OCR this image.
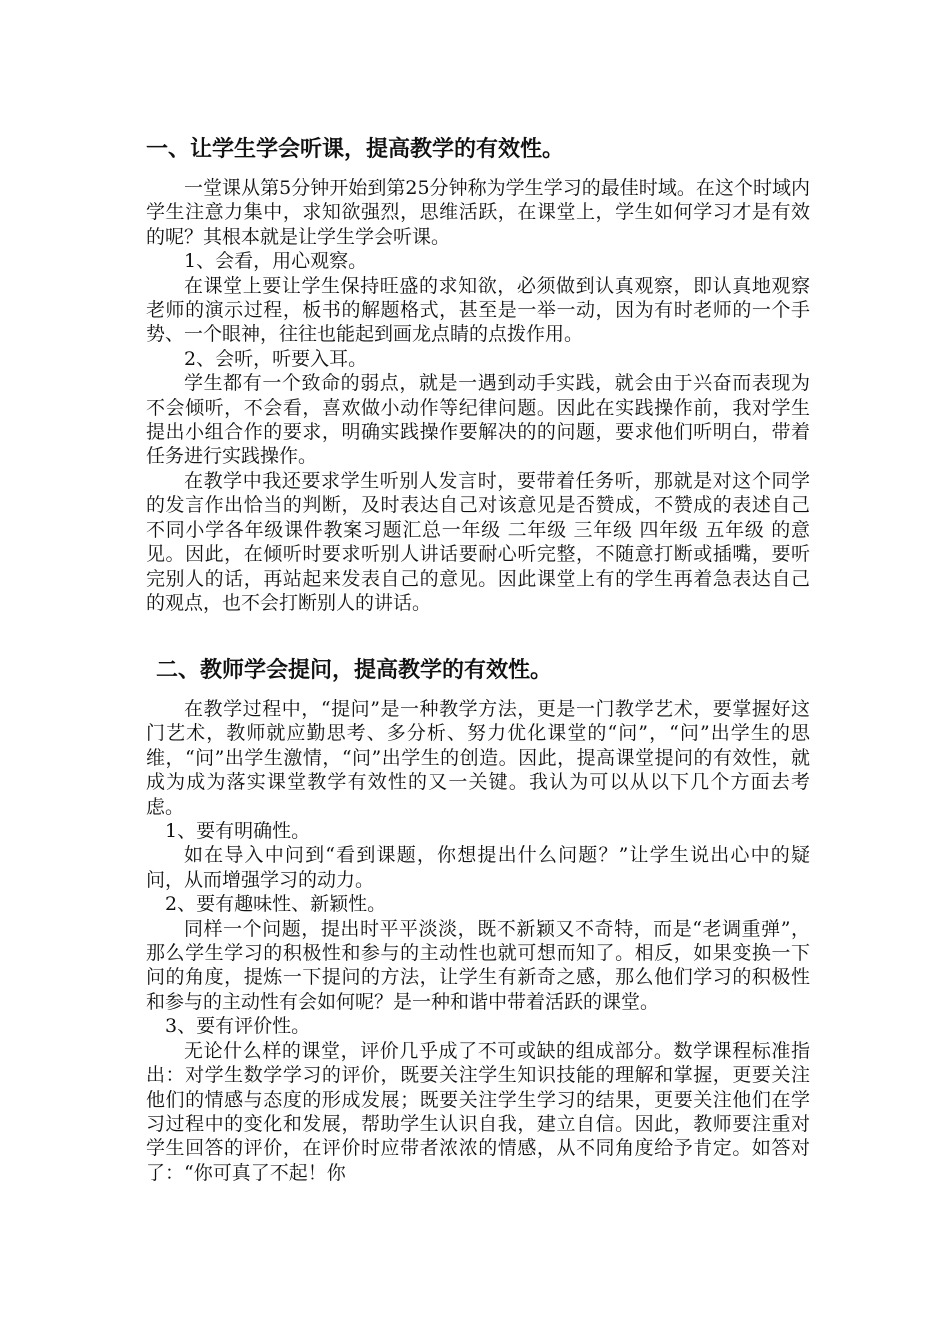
一、让学生学会听课，提高教学的有效性。

一堂课从第5分钟开始到第25分钟称为学生学习的最佳时域。在这个时域内学生注意力集中，求知欲强烈，思维活跃，在课堂上，学生如何学习才是有效的呢？其根本就是让学生学会听课。

1、会看，用心观察。

在课堂上要让学生保持旺盛的求知欲，必须做到认真观察，即认真地观察老师的演示过程，板书的解题格式，甚至是一举一动，因为有时老师的一个手势、一个眼神，往往也能起到画龙点睛的点拨作用。

2、会听，听要入耳。

学生都有一个致命的弱点，就是一遇到动手实践，就会由于兴奋而表现为不会倾听，不会看，喜欢做小动作等纪律问题。因此在实践操作前，我对学生提出小组合作的要求，明确实践操作要解决的的问题，要求他们听明白，带着任务进行实践操作。

在教学中我还要求学生听别人发言时，要带着任务听，那就是对这个同学的发言作出恰当的判断，及时表达自己对该意见是否赞成，不赞成的表述自己不同小学各年级课件教案习题汇总一年级 二年级 三年级 四年级 五年级 的意见。因此，在倾听时要求听别人讲话要耐心听完整，不随意打断或插嘴，要听完别人的话，再站起来发表自己的意见。因此课堂上有的学生再着急表达自己的观点，也不会打断别人的讲话。

二、教师学会提问，提高教学的有效性。

在教学过程中，“提问”是一种教学方法，更是一门教学艺术，要掌握好这门艺术，教师就应勤思考、多分析、努力优化课堂的“问”，“问”出学生的思维，“问”出学生激情，“问”出学生的创造。因此，提高课堂提问的有效性，就成为成为落实课堂教学有效性的又一关键。我认为可以从以下几个方面去考虑。

1、要有明确性。

如在导入中问到“看到课题，你想提出什么问题？”让学生说出心中的疑问，从而增强学习的动力。

2、要有趣味性、新颖性。

同样一个问题，提出时平平淡淡，既不新颖又不奇特，而是“老调重弹”，那么学生学习的积极性和参与的主动性也就可想而知了。相反，如果变换一下问的角度，提炼一下提问的方法，让学生有新奇之感，那么他们学习的积极性和参与的主动性有会如何呢？是一种和谐中带着活跃的课堂。

3、要有评价性。

无论什么样的课堂，评价几乎成了不可或缺的组成部分。数学课程标准指出：对学生数学学习的评价，既要关注学生知识技能的理解和掌握，更要关注他们的情感与态度的形成发展；既要关注学生学习的结果，更要关注他们在学习过程中的变化和发展，帮助学生认识自我，建立自信。因此，教师要注重对学生回答的评价，在评价时应带者浓浓的情感，从不同角度给予肯定。如答对了：“你可真了不起！你
